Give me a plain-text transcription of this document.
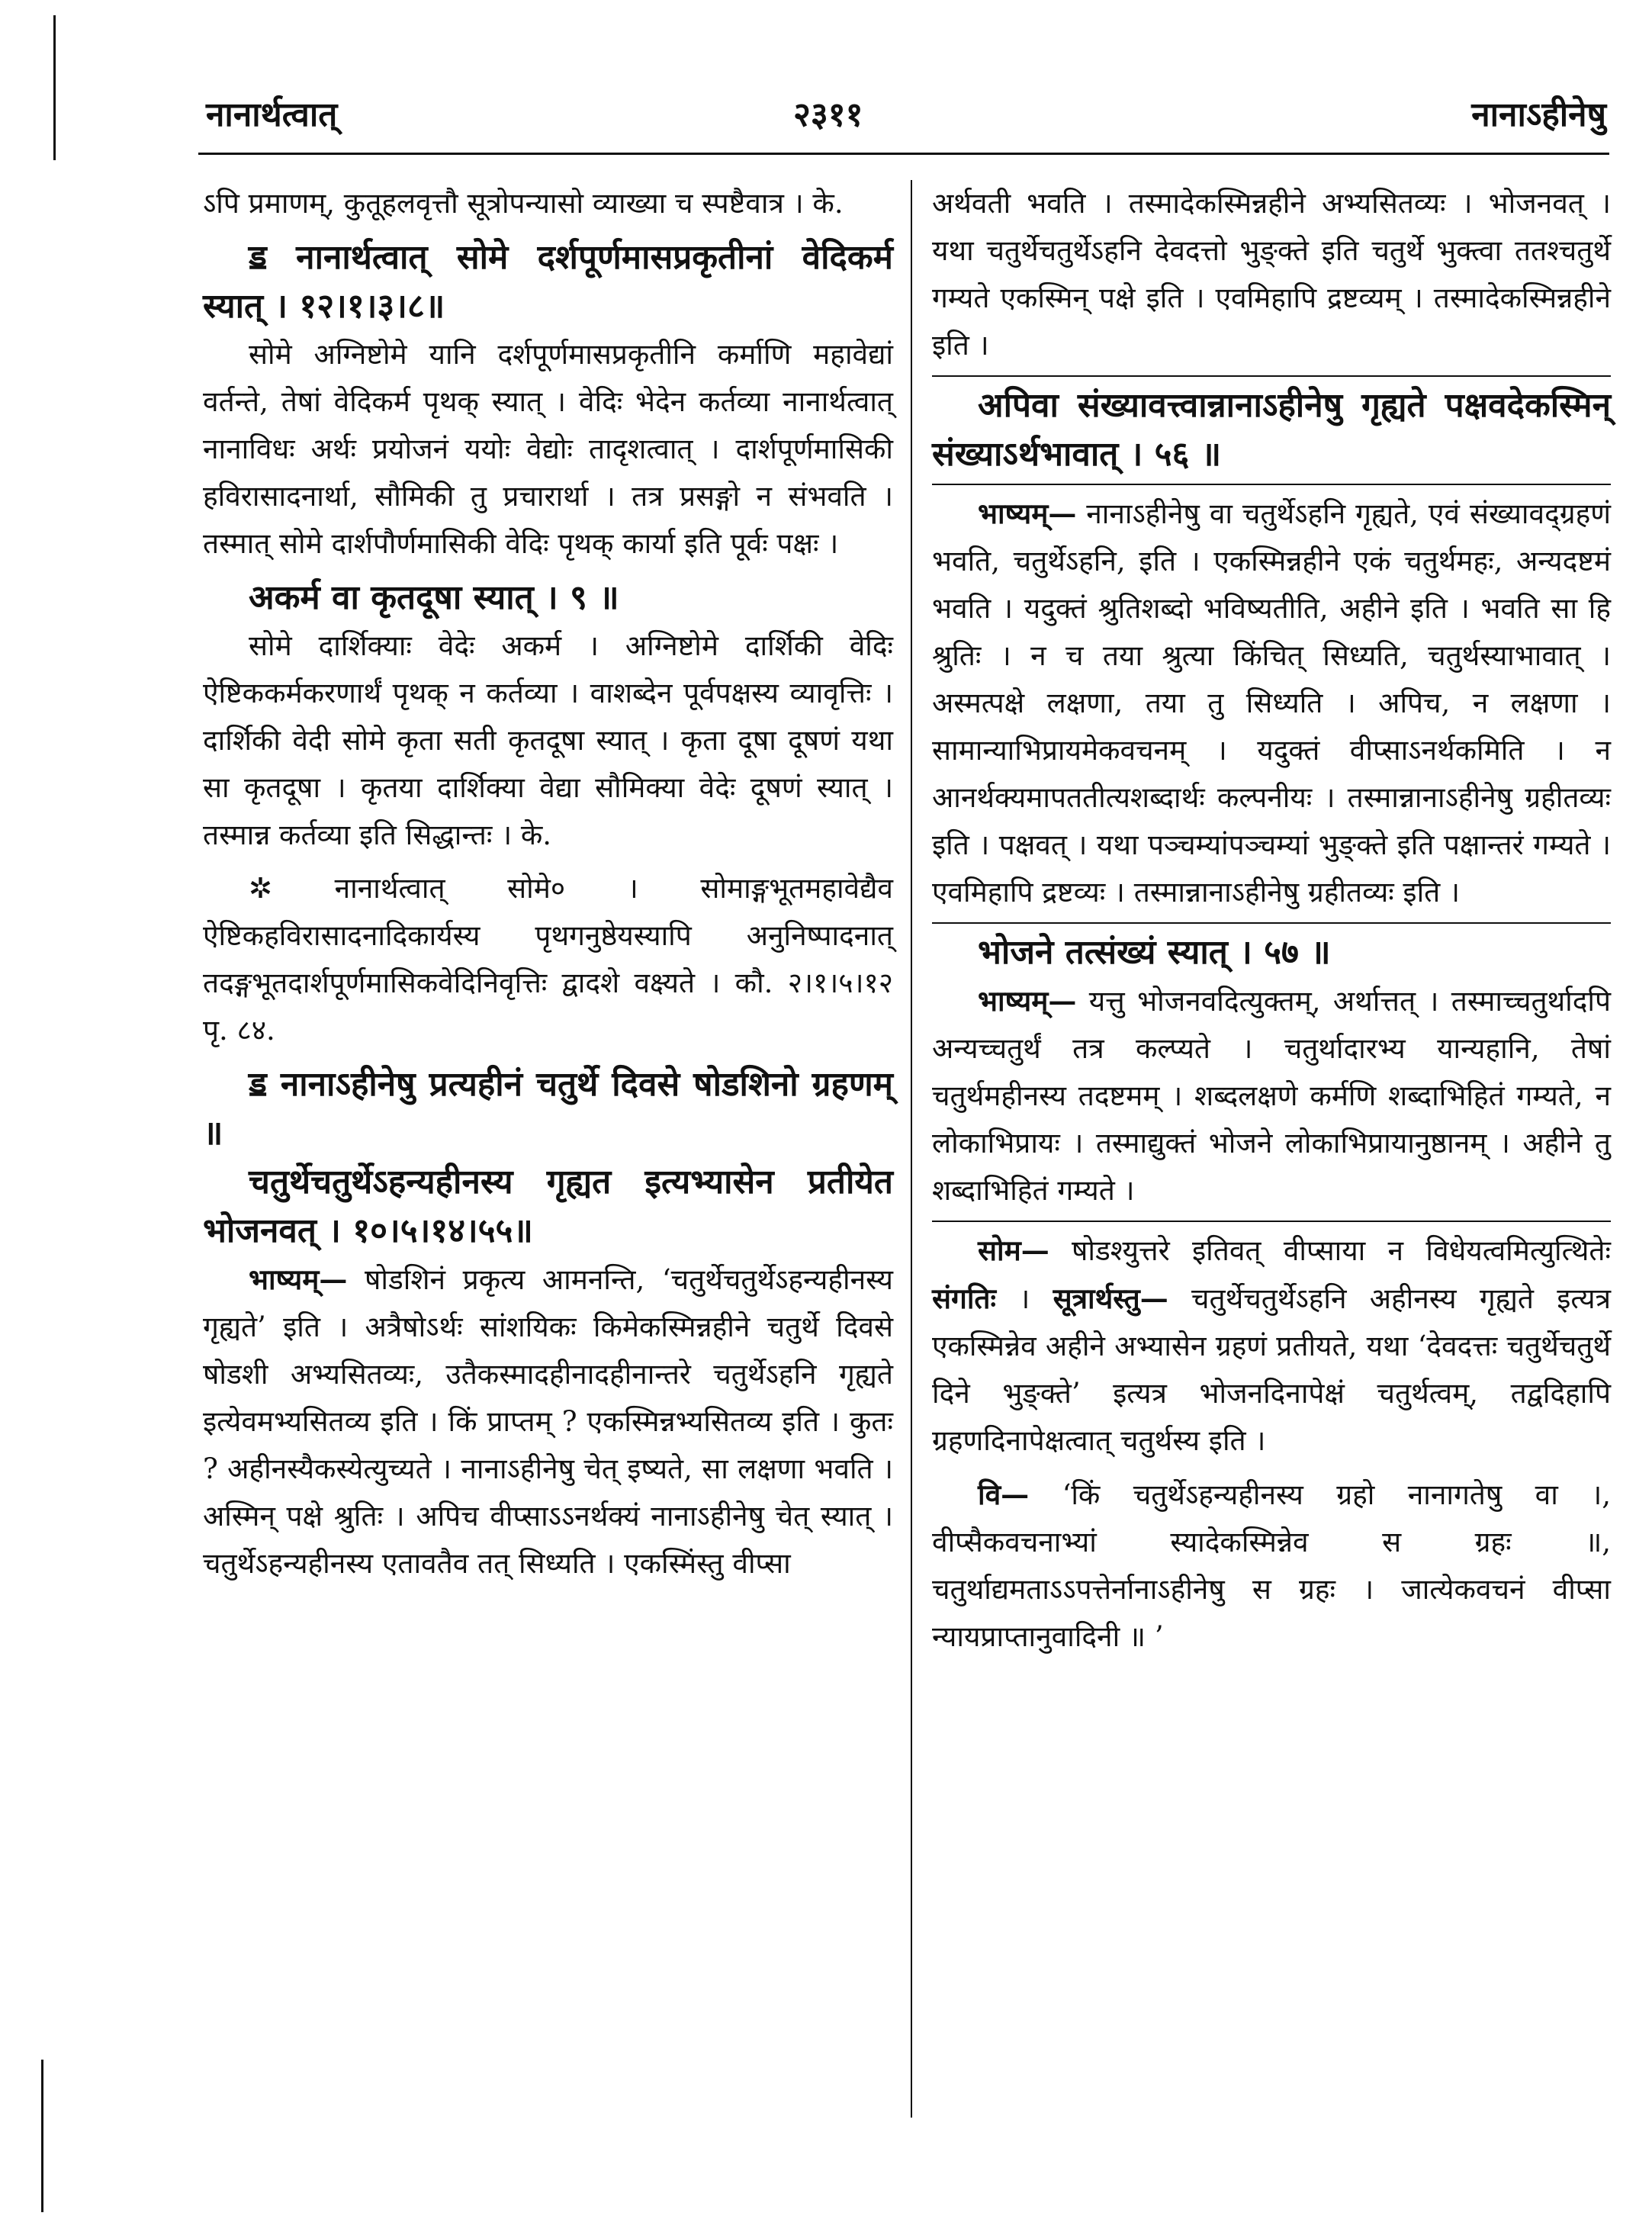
नानार्थत्वात्	२३११	नानाऽहीनेषु

ऽपि प्रमाणम्, कुतूहलवृत्तौ सूत्रोपन्यासो व्याख्या च स्पष्टैवात्र । के.

ॾ नानार्थत्वात् सोमे दर्शपूर्णमासप्रकृतीनां वेदिकर्म स्यात् । १२।१।३।८॥

सोमे अग्निष्टोमे यानि दर्शपूर्णमासप्रकृतीनि कर्माणि महावेद्यां वर्तन्ते, तेषां वेदिकर्म पृथक् स्यात् । वेदिः भेदेन कर्तव्या नानार्थत्वात् नानाविधः अर्थः प्रयोजनं ययोः वेद्योः तादृशत्वात् । दार्शपूर्णमासिकी हविरासादनार्था, सौमिकी तु प्रचारार्था । तत्र प्रसङ्गो न संभवति । तस्मात् सोमे दार्शपौर्णमासिकी वेदिः पृथक् कार्या इति पूर्वः पक्षः ।

अकर्म वा कृतदूषा स्यात् । ९ ॥

सोमे दार्शिक्याः वेदेः अकर्म । अग्निष्टोमे दार्शिकी वेदिः ऐष्टिककर्मकरणार्थं पृथक् न कर्तव्या । वाशब्देन पूर्वपक्षस्य व्यावृत्तिः । दार्शिकी वेदी सोमे कृता सती कृतदूषा स्यात् । कृता दूषा दूषणं यथा सा कृतदूषा । कृतया दार्शिक्या वेद्या सौमिक्या वेदेः दूषणं स्यात् । तस्मान्न कर्तव्या इति सिद्धान्तः । के.

✲ नानार्थत्वात् सोमे० । सोमाङ्गभूतमहावेद्यैव ऐष्टिकहविरासादनादिकार्यस्य पृथगनुष्ठेयस्यापि अनुनिष्पादनात् तदङ्गभूतदार्शपूर्णमासिकवेदिनिवृत्तिः द्वादशे वक्ष्यते । कौ. २।१।५।१२ पृ. ८४.

ॾ नानाऽहीनेषु प्रत्यहीनं चतुर्थे दिवसे षोडशिनो ग्रहणम् ॥

चतुर्थेचतुर्थेऽहन्यहीनस्य गृह्यत इत्यभ्यासेन प्रतीयेत भोजनवत् । १०।५।१४।५५॥

भाष्यम्— षोडशिनं प्रकृत्य आमनन्ति, ‘चतुर्थेचतुर्थेऽहन्यहीनस्य गृह्यते’ इति । अत्रैषोऽर्थः सांशयिकः किमेकस्मिन्नहीने चतुर्थे दिवसे षोडशी अभ्यसितव्यः, उतैकस्मादहीनादहीनान्तरे चतुर्थेऽहनि गृह्यते इत्येवमभ्यसितव्य इति । किं प्राप्तम् ? एकस्मिन्नभ्यसितव्य इति । कुतः ? अहीनस्यैकस्येत्युच्यते । नानाऽहीनेषु चेत् इष्यते, सा लक्षणा भवति । अस्मिन् पक्षे श्रुतिः । अपिच वीप्साऽऽनर्थक्यं नानाऽहीनेषु चेत् स्यात् । चतुर्थेऽहन्यहीनस्य एतावतैव तत् सिध्यति । एकस्मिंस्तु वीप्सा

अर्थवती भवति । तस्मादेकस्मिन्नहीने अभ्यसितव्यः । भोजनवत् । यथा चतुर्थेचतुर्थेऽहनि देवदत्तो भुङ्क्ते इति चतुर्थे भुक्त्वा ततश्चतुर्थे गम्यते एकस्मिन् पक्षे इति । एवमिहापि द्रष्टव्यम् । तस्मादेकस्मिन्नहीने इति ।

अपिवा संख्यावत्त्वान्नानाऽहीनेषु गृह्यते पक्षवदेकस्मिन् संख्याऽर्थभावात् । ५६ ॥

भाष्यम्— नानाऽहीनेषु वा चतुर्थेऽहनि गृह्यते, एवं संख्यावद्ग्रहणं भवति, चतुर्थेऽहनि, इति । एकस्मिन्नहीने एकं चतुर्थमहः, अन्यदष्टमं भवति । यदुक्तं श्रुतिशब्दो भविष्यतीति, अहीने इति । भवति सा हि श्रुतिः । न च तया श्रुत्या किंचित् सिध्यति, चतुर्थस्याभावात् । अस्मत्पक्षे लक्षणा, तया तु सिध्यति । अपिच, न लक्षणा । सामान्याभिप्रायमेकवचनम् । यदुक्तं वीप्साऽनर्थकमिति । न आनर्थक्यमापततीत्यशब्दार्थः कल्पनीयः । तस्मान्नानाऽहीनेषु ग्रहीतव्यः इति । पक्षवत् । यथा पञ्चम्यांपञ्चम्यां भुङ्क्ते इति पक्षान्तरं गम्यते । एवमिहापि द्रष्टव्यः । तस्मान्नानाऽहीनेषु ग्रहीतव्यः इति ।

भोजने तत्संख्यं स्यात् । ५७ ॥

भाष्यम्— यत्तु भोजनवदित्युक्तम्, अर्थात्तत् । तस्माच्चतुर्थादपि अन्यच्चतुर्थं तत्र कल्प्यते । चतुर्थादारभ्य यान्यहानि, तेषां चतुर्थमहीनस्य तदष्टमम् । शब्दलक्षणे कर्मणि शब्दाभिहितं गम्यते, न लोकाभिप्रायः । तस्माद्युक्तं भोजने लोकाभिप्रायानुष्ठानम् । अहीने तु शब्दाभिहितं गम्यते ।

सोम— षोडश्युत्तरे इतिवत् वीप्साया न विधेयत्वमित्युत्थितेः संगतिः । सूत्रार्थस्तु— चतुर्थेचतुर्थेऽहनि अहीनस्य गृह्यते इत्यत्र एकस्मिन्नेव अहीने अभ्यासेन ग्रहणं प्रतीयते, यथा ‘देवदत्तः चतुर्थेचतुर्थे दिने भुङ्क्ते’ इत्यत्र भोजनदिनापेक्षं चतुर्थत्वम्, तद्वदिहापि ग्रहणदिनापेक्षत्वात् चतुर्थस्य इति ।

वि— ‘किं चतुर्थेऽहन्यहीनस्य ग्रहो नानागतेषु वा ।, वीप्सैकवचनाभ्यां स्यादेकस्मिन्नेव स ग्रहः ॥, चतुर्थाद्यमताऽऽपत्तेर्नानाऽहीनेषु स ग्रहः । जात्येकवचनं वीप्सा न्यायप्राप्तानुवादिनी ॥ ’
